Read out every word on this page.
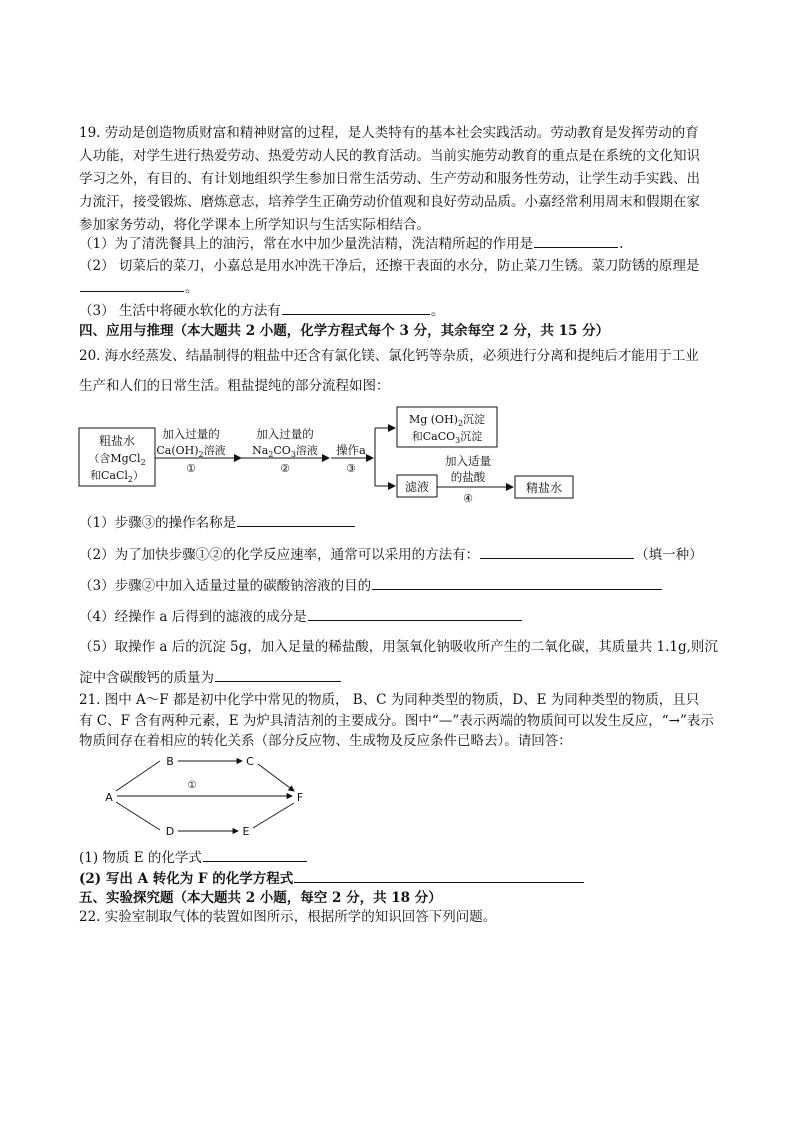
19. 劳动是创造物质财富和精神财富的过程，是人类特有的基本社会实践活动。劳动教育是发挥劳动的育
人功能，对学生进行热爱劳动、热爱劳动人民的教育活动。当前实施劳动教育的重点是在系统的文化知识
学习之外，有目的、有计划地组织学生参加日常生活劳动、生产劳动和服务性劳动，让学生动手实践、出
力流汗，接受锻炼、磨炼意志，培养学生正确劳动价值观和良好劳动品质。小嘉经常利用周末和假期在家
参加家务劳动，将化学课本上所学知识与生活实际相结合。
（1）为了清洗餐具上的油污，常在水中加少量洗洁精，洗洁精所起的作用是	.
（2） 切菜后的菜刀，小嘉总是用水冲洗干净后，还擦干表面的水分，防止菜刀生锈。菜刀防锈的原理是
。
（3） 生活中将硬水软化的方法有	。
四、应用与推理（本大题共 2 小题，化学方程式每个 3 分，其余每空 2 分，共 15 分）
20. 海水经蒸发、结晶制得的粗盐中还含有氯化镁、氯化钙等杂质，必须进行分离和提纯后才能用于工业
生产和人们的日常生活。粗盐提纯的部分流程如图：
粗盐水
（含MgCl$_2$
和CaCl$_2$）
加入过量的
$Ca(OH)_2$溶液
①
加入过量的
$Na_2CO_3$溶液
②
操作a
③
Mg $(OH)_2$沉淀
和CaCO$_3$沉淀
滤液
加入适量
的盐酸
④
精盐水
（1）步骤③的操作名称是
（2）为了加快步骤①②的化学反应速率，通常可以采用的方法有：	（填一种）
（3）步骤②中加入适量过量的碳酸钠溶液的目的
（4）经操作 a 后得到的滤液的成分是
（5）取操作 a 后的沉淀 5g，加入足量的稀盐酸，用氢氧化钠吸收所产生的二氧化碳，其质量共 1.1g,则沉
淀中含碳酸钙的质量为
21. 图中 A～F 都是初中化学中常见的物质， B、C 为同种类型的物质，D、E 为同种类型的物质，且只
有 C、F 含有两种元素，E 为炉具清洁剂的主要成分。图中“—”表示两端的物质间可以发生反应，“→”表示
物质间存在着相应的转化关系（部分反应物、生成物及反应条件已略去）。请回答：
A
B	C
F
D	E
①
(1) 物质 E 的化学式
(2) 写出 A 转化为 F 的化学方程式
五、实验探究题（本大题共 2 小题，每空 2 分，共 18 分）
22. 实验室制取气体的装置如图所示，根据所学的知识回答下列问题。
